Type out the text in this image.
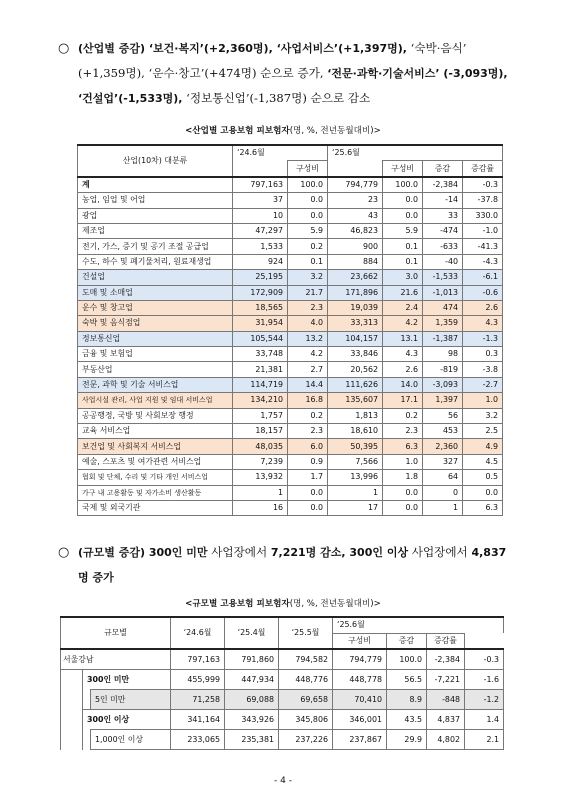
○ (산업별 증감) ‘보건·복지’(+2,360명), ‘사업서비스’(+1,397명), ‘숙박·음식’ (+1,359명), ‘운수·창고’(+474명) 순으로 증가, ‘전문·과학·기술서비스’ (-3,093명), ‘건설업’(-1,533명), ‘정보통신업’(-1,387명) 순으로 감소
<산업별 고용보험 피보험자(명, %, 전년동월대비)>
산업(10차) 대분류	‘24.6월		‘25.6월			
		구성비		구성비	증감	증감률
계	797,163	100.0	794,779	100.0	-2,384	-0.3
농업, 임업 및 어업	37	0.0	23	0.0	-14	-37.8
광업	10	0.0	43	0.0	33	330.0
제조업	47,297	5.9	46,823	5.9	-474	-1.0
전기, 가스, 증기 및 공기 조절 공급업	1,533	0.2	900	0.1	-633	-41.3
수도, 하수 및 폐기물처리, 원료재생업	924	0.1	884	0.1	-40	-4.3
건설업	25,195	3.2	23,662	3.0	-1,533	-6.1
도매 및 소매업	172,909	21.7	171,896	21.6	-1,013	-0.6
운수 및 창고업	18,565	2.3	19,039	2.4	474	2.6
숙박 및 음식점업	31,954	4.0	33,313	4.2	1,359	4.3
정보통신업	105,544	13.2	104,157	13.1	-1,387	-1.3
금융 및 보험업	33,748	4.2	33,846	4.3	98	0.3
부동산업	21,381	2.7	20,562	2.6	-819	-3.8
전문, 과학 및 기술 서비스업	114,719	14.4	111,626	14.0	-3,093	-2.7
사업시설 관리, 사업 지원 및 임대 서비스업	134,210	16.8	135,607	17.1	1,397	1.0
공공행정, 국방 및 사회보장 행정	1,757	0.2	1,813	0.2	56	3.2
교육 서비스업	18,157	2.3	18,610	2.3	453	2.5
보건업 및 사회복지 서비스업	48,035	6.0	50,395	6.3	2,360	4.9
예술, 스포츠 및 여가관련 서비스업	7,239	0.9	7,566	1.0	327	4.5
협회 및 단체, 수리 및 기타 개인 서비스업	13,932	1.7	13,996	1.8	64	0.5
가구 내 고용활동 및 자가소비 생산활동	1	0.0	1	0.0	0	0.0
국제 및 외국기관	16	0.0	17	0.0	1	6.3
○ (규모별 증감) 300인 미만 사업장에서 7,221명 감소, 300인 이상 사업장에서 4,837명 증가
<규모별 고용보험 피보험자(명, %, 전년동월대비)>
규모별			‘24.6월	‘25.4월	‘25.5월	‘25.6월			
						구성비	증감	증감률	
서울강남			797,163	791,860	794,582	794,779	100.0	-2,384	-0.3
	300인 미만		455,999	447,934	448,776	448,778	56.5	-7,221	-1.6
		5인 미만	71,258	69,088	69,658	70,410	8.9	-848	-1.2
	300인 이상		341,164	343,926	345,806	346,001	43.5	4,837	1.4
		1,000인 이상	233,065	235,381	237,226	237,867	29.9	4,802	2.1
- 4 -
